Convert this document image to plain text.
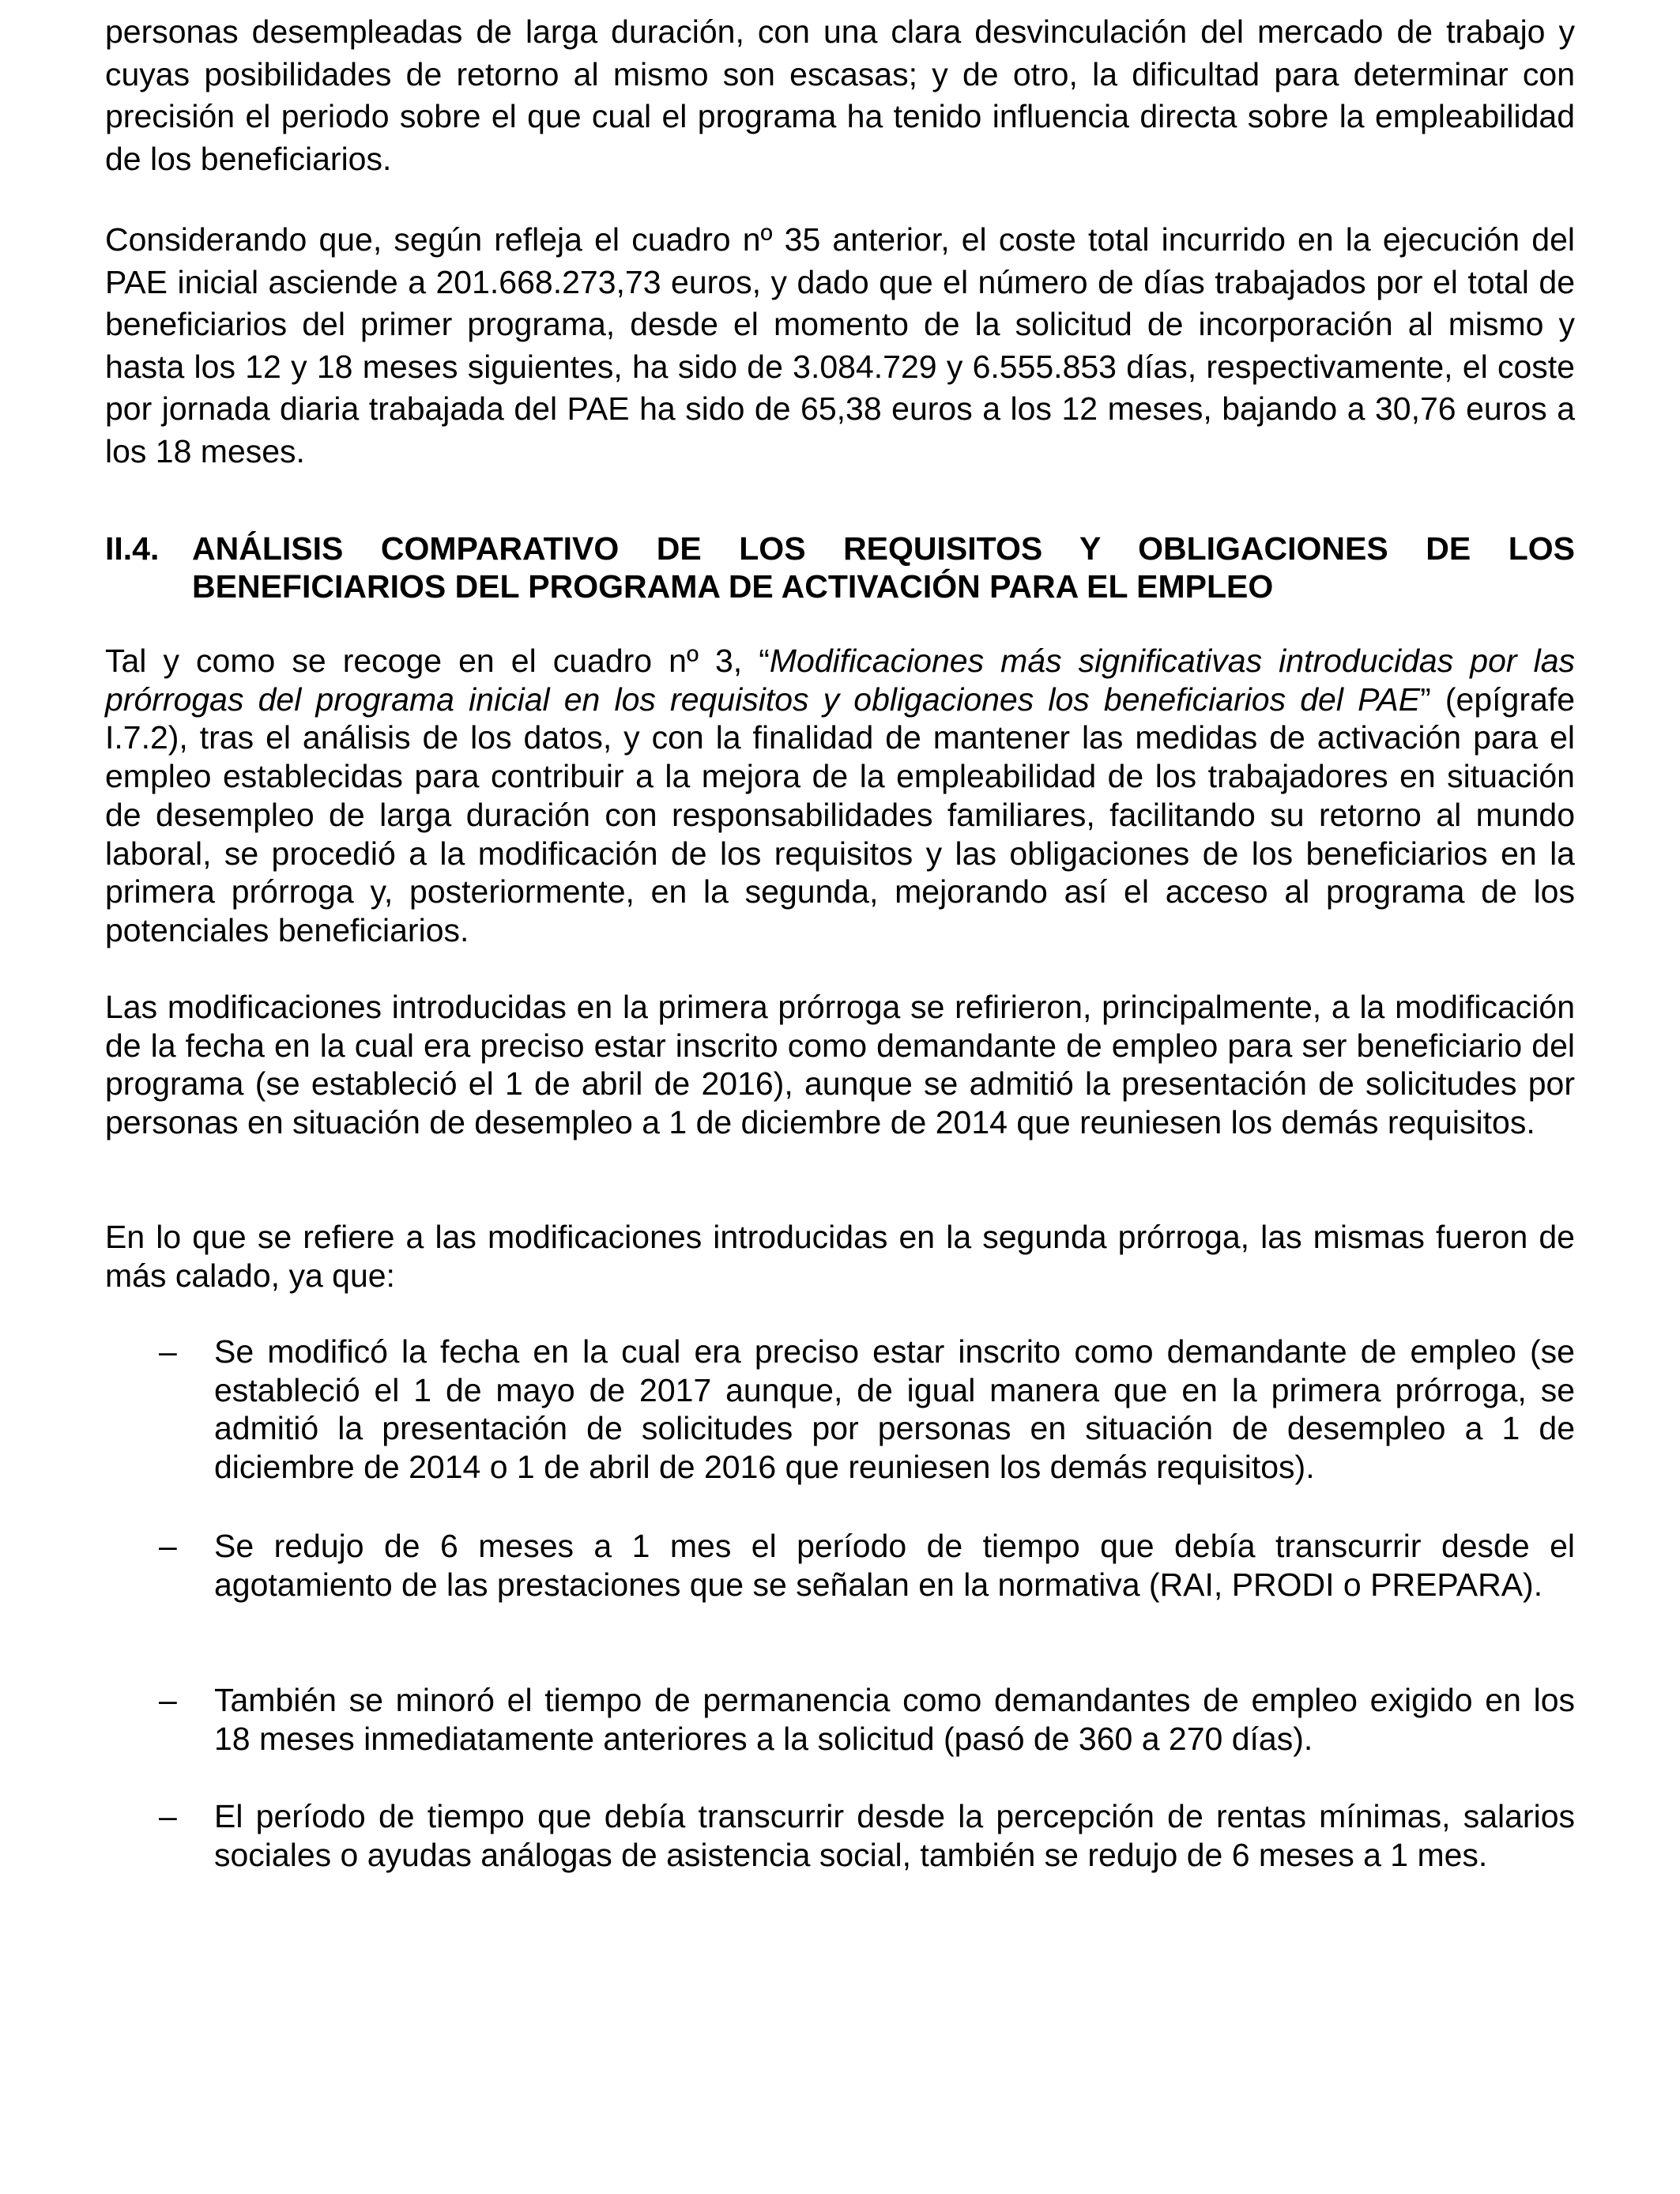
personas desempleadas de larga duración, con una clara desvinculación del mercado de trabajo y cuyas posibilidades de retorno al mismo son escasas; y de otro, la dificultad para determinar con precisión el periodo sobre el que cual el programa ha tenido influencia directa sobre la empleabilidad de los beneficiarios.

Considerando que, según refleja el cuadro nº 35 anterior, el coste total incurrido en la ejecución del PAE inicial asciende a 201.668.273,73 euros, y dado que el número de días trabajados por el total de beneficiarios del primer programa, desde el momento de la solicitud de incorporación al mismo y hasta los 12 y 18 meses siguientes, ha sido de 3.084.729 y 6.555.853 días, respectivamente, el coste por jornada diaria trabajada del PAE ha sido de 65,38 euros a los 12 meses, bajando a 30,76 euros a los 18 meses.

II.4. ANÁLISIS COMPARATIVO DE LOS REQUISITOS Y OBLIGACIONES DE LOS
BENEFICIARIOS DEL PROGRAMA DE ACTIVACIÓN PARA EL EMPLEO

Tal y como se recoge en el cuadro nº 3, “Modificaciones más significativas introducidas por las prórrogas del programa inicial en los requisitos y obligaciones los beneficiarios del PAE” (epígrafe I.7.2), tras el análisis de los datos, y con la finalidad de mantener las medidas de activación para el empleo establecidas para contribuir a la mejora de la empleabilidad de los trabajadores en situación de desempleo de larga duración con responsabilidades familiares, facilitando su retorno al mundo laboral, se procedió a la modificación de los requisitos y las obligaciones de los beneficiarios en la primera prórroga y, posteriormente, en la segunda, mejorando así el acceso al programa de los potenciales beneficiarios.

Las modificaciones introducidas en la primera prórroga se refirieron, principalmente, a la modificación de la fecha en la cual era preciso estar inscrito como demandante de empleo para ser beneficiario del programa (se estableció el 1 de abril de 2016), aunque se admitió la presentación de solicitudes por personas en situación de desempleo a 1 de diciembre de 2014 que reuniesen los demás requisitos.

En lo que se refiere a las modificaciones introducidas en la segunda prórroga, las mismas fueron de más calado, ya que:

– Se modificó la fecha en la cual era preciso estar inscrito como demandante de empleo (se estableció el 1 de mayo de 2017 aunque, de igual manera que en la primera prórroga, se admitió la presentación de solicitudes por personas en situación de desempleo a 1 de diciembre de 2014 o 1 de abril de 2016 que reuniesen los demás requisitos).
– Se redujo de 6 meses a 1 mes el período de tiempo que debía transcurrir desde el agotamiento de las prestaciones que se señalan en la normativa (RAI, PRODI o PREPARA).
– También se minoró el tiempo de permanencia como demandantes de empleo exigido en los 18 meses inmediatamente anteriores a la solicitud (pasó de 360 a 270 días).
– El período de tiempo que debía transcurrir desde la percepción de rentas mínimas, salarios sociales o ayudas análogas de asistencia social, también se redujo de 6 meses a 1 mes.
